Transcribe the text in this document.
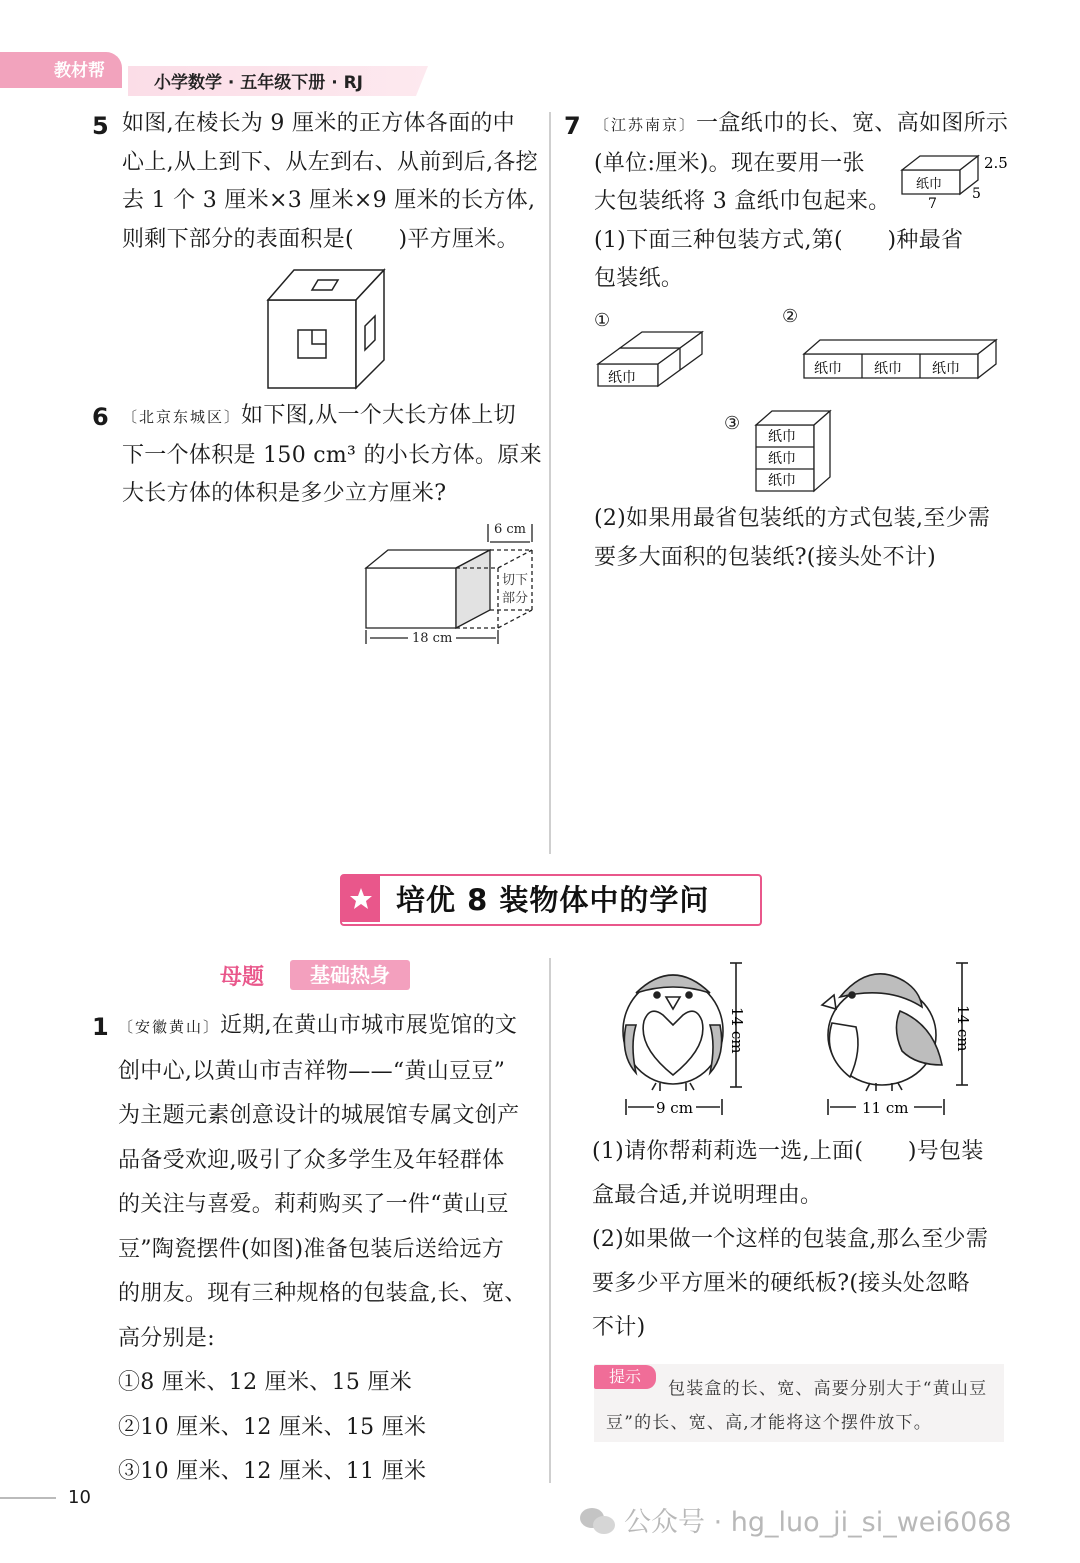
教材帮
小学数学 · 五年级下册 · RJ
5 如图,在棱长为 9 厘米的正方体各面的中
心上,从上到下、从左到右、从前到后,各挖
去 1 个 3 厘米×3 厘米×9 厘米的长方体,
则剩下部分的表面积是(　　)平方厘米。
6 〔北京东城区〕如下图,从一个大长方体上切
下一个体积是 150 cm³ 的小长方体。原来
大长方体的体积是多少立方厘米?
6 cm
18 cm
切下
部分
7 〔江苏南京〕一盒纸巾的长、宽、高如图所示
(单位:厘米)。现在要用一张
大包装纸将 3 盒纸巾包起来。
(1)下面三种包装方式,第(　　)种最省
包装纸。
纸巾
2.5
7
5
①
纸巾
②
纸巾 纸巾 纸巾
③
纸巾
纸巾
纸巾
(2)如果用最省包装纸的方式包装,至少需
要多大面积的包装纸?(接头处不计)
培优 8 装物体中的学问
母题	基础热身
1 〔安徽黄山〕近期,在黄山市城市展览馆的文
创中心,以黄山市吉祥物——“黄山豆豆”
为主题元素创意设计的城展馆专属文创产
品备受欢迎,吸引了众多学生及年轻群体
的关注与喜爱。莉莉购买了一件“黄山豆
豆”陶瓷摆件(如图)准备包装后送给远方
的朋友。现有三种规格的包装盒,长、宽、
高分别是:
①8 厘米、12 厘米、15 厘米
②10 厘米、12 厘米、15 厘米
③10 厘米、12 厘米、11 厘米
9 cm
14 cm
11 cm
14 cm
(1)请你帮莉莉选一选,上面(　　)号包装
盒最合适,并说明理由。
(2)如果做一个这样的包装盒,那么至少需
要多少平方厘米的硬纸板?(接头处忽略
不计)
提示
包装盒的长、宽、高要分别大于“黄山豆豆”的长、宽、高,才能将这个摆件放下。
10
公众号 · hg_luo_ji_si_wei6068
